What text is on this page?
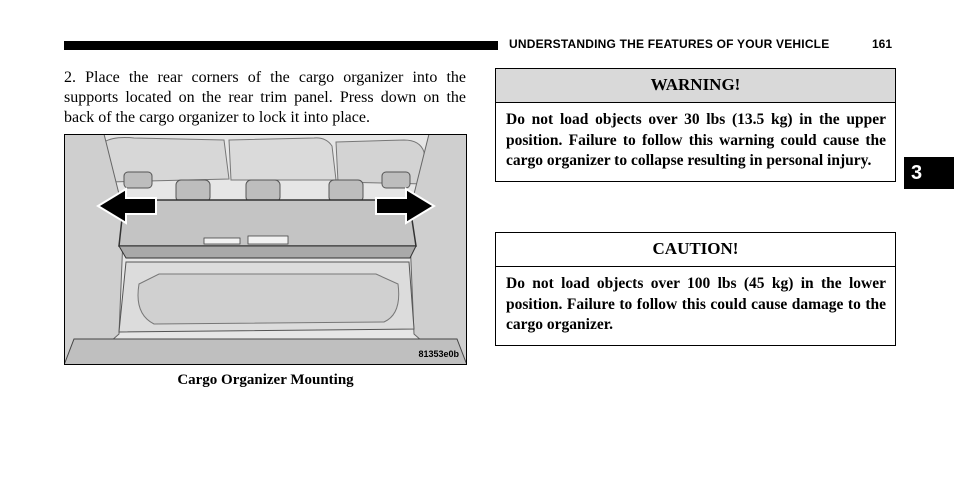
UNDERSTANDING THE FEATURES OF YOUR VEHICLE	161
2. Place the rear corners of the cargo organizer into the supports located on the rear trim panel. Press down on the back of the cargo organizer to lock it into place.
81353e0b
Cargo Organizer Mounting
WARNING!
Do not load objects over 30 lbs (13.5 kg) in the upper position. Failure to follow this warning could cause the cargo organizer to collapse resulting in personal injury.
CAUTION!
Do not load objects over 100 lbs (45 kg) in the lower position. Failure to follow this could cause damage to the cargo organizer.
3
